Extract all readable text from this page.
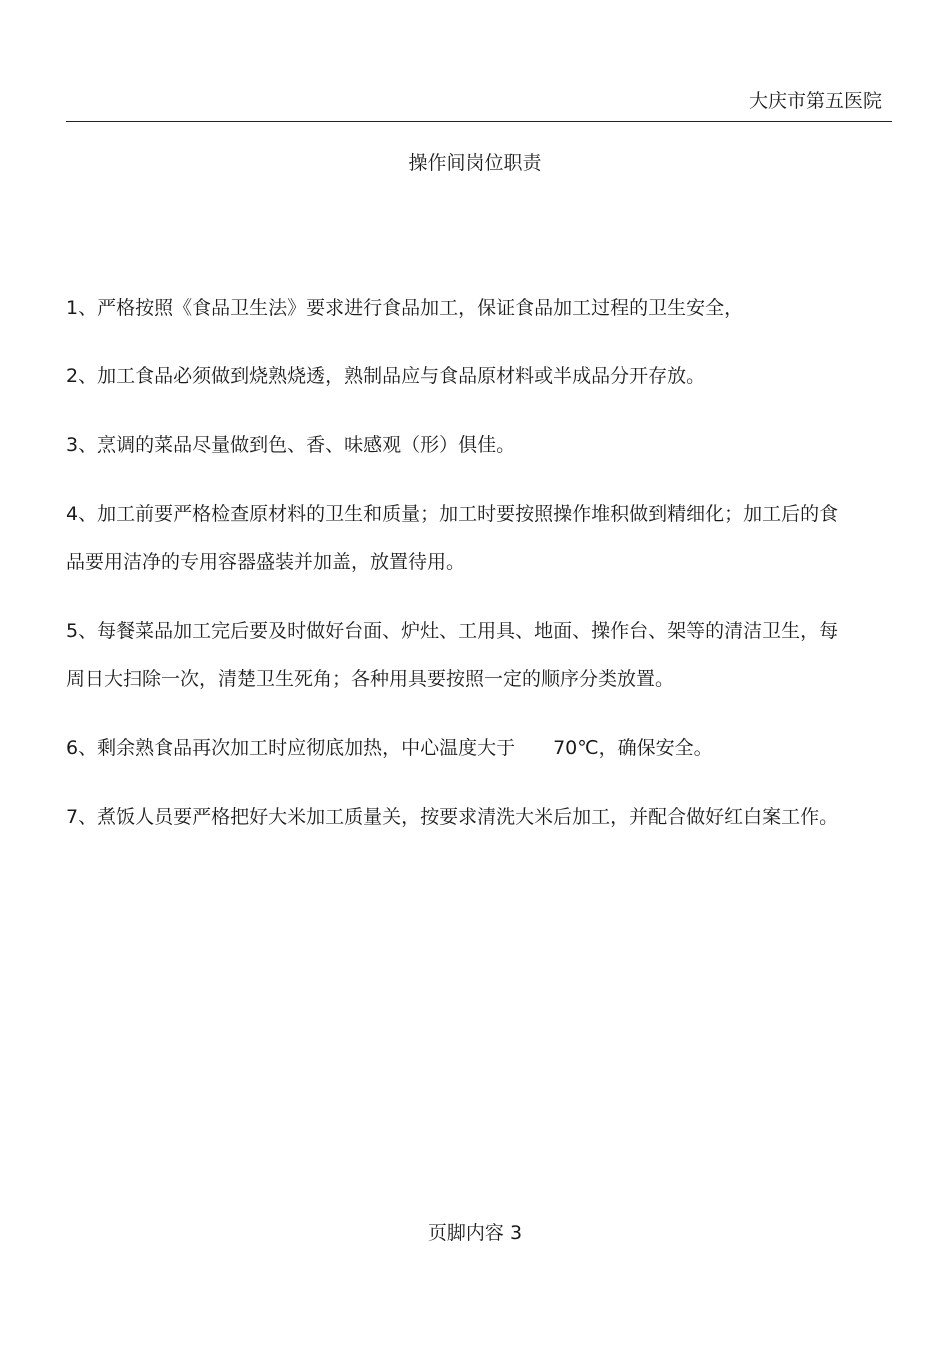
大庆市第五医院
操作间岗位职责
1、严格按照《食品卫生法》要求进行食品加工，保证食品加工过程的卫生安全，
2、加工食品必须做到烧熟烧透，熟制品应与食品原材料或半成品分开存放。
3、烹调的菜品尽量做到色、香、味感观（形）俱佳。
4、加工前要严格检查原材料的卫生和质量；加工时要按照操作堆积做到精细化；加工后的食品要用洁净的专用容器盛装并加盖，放置待用。
5、每餐菜品加工完后要及时做好台面、炉灶、工用具、地面、操作台、架等的清洁卫生，每周日大扫除一次，清楚卫生死角；各种用具要按照一定的顺序分类放置。
6、剩余熟食品再次加工时应彻底加热，中心温度大于 70℃，确保安全。
7、煮饭人员要严格把好大米加工质量关，按要求清洗大米后加工，并配合做好红白案工作。
页脚内容 3
